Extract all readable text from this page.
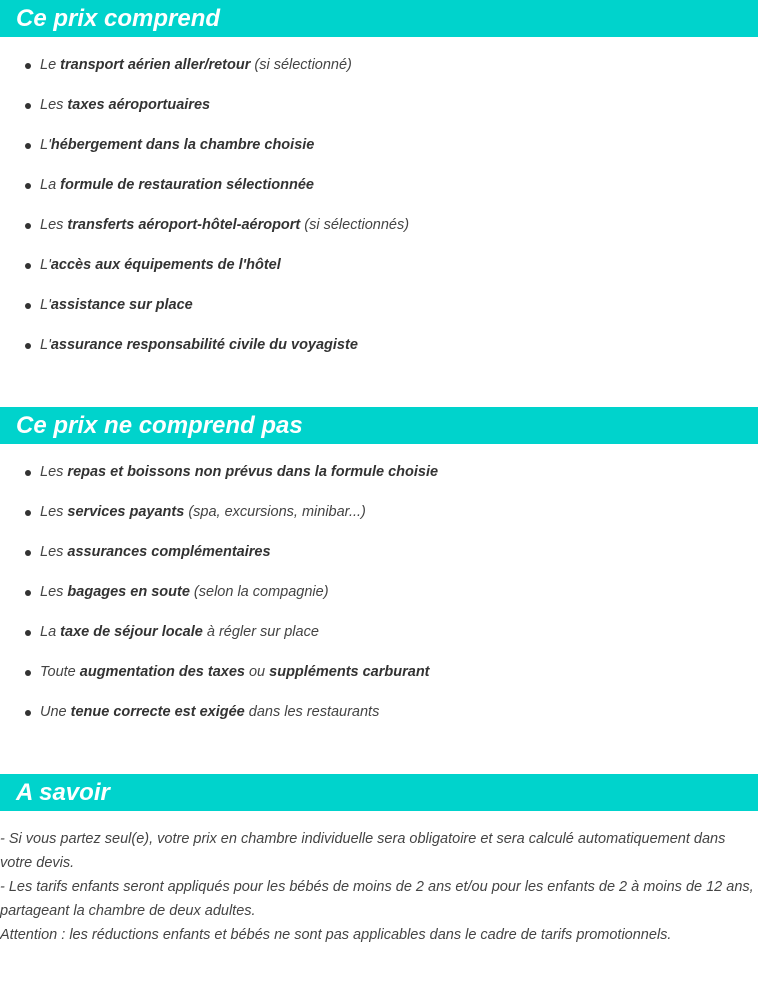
Ce prix comprend
Le transport aérien aller/retour (si sélectionné)
Les taxes aéroportuaires
L'hébergement dans la chambre choisie
La formule de restauration sélectionnée
Les transferts aéroport-hôtel-aéroport (si sélectionnés)
L'accès aux équipements de l'hôtel
L'assistance sur place
L'assurance responsabilité civile du voyagiste
Ce prix ne comprend pas
Les repas et boissons non prévus dans la formule choisie
Les services payants (spa, excursions, minibar...)
Les assurances complémentaires
Les bagages en soute (selon la compagnie)
La taxe de séjour locale à régler sur place
Toute augmentation des taxes ou suppléments carburant
Une tenue correcte est exigée dans les restaurants
A savoir

- Si vous partez seul(e), votre prix en chambre individuelle sera obligatoire et sera calculé automatiquement dans votre devis.

- Les tarifs enfants seront appliqués pour les bébés de moins de 2 ans et/ou pour les enfants de 2 à moins de 12 ans, partageant la chambre de deux adultes.

Attention : les réductions enfants et bébés ne sont pas applicables dans le cadre de tarifs promotionnels.
